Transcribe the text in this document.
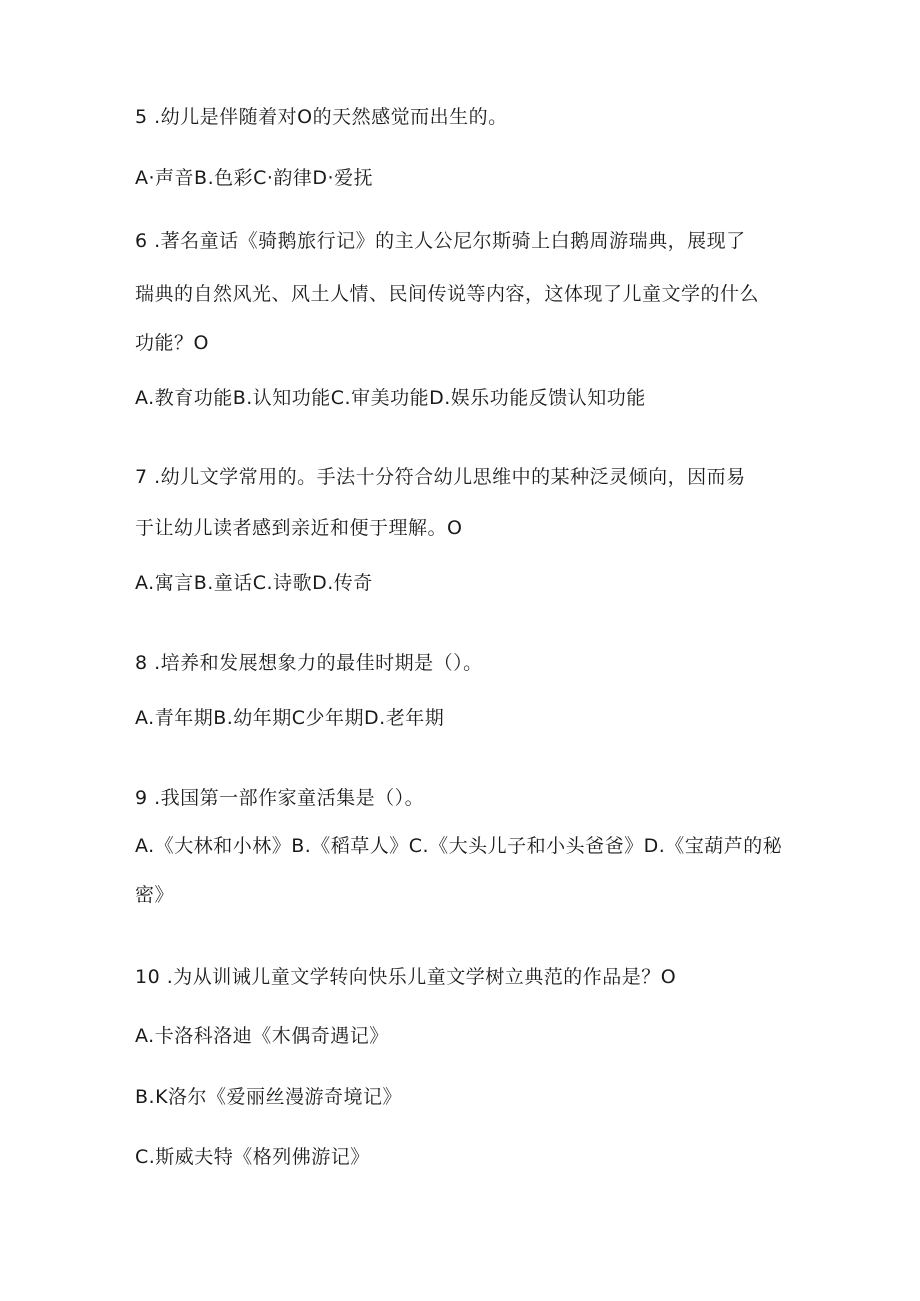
5 .幼儿是伴随着对O的天然感觉而出生的。
A·声音B.色彩C·韵律D·爱抚
6 .著名童话《骑鹅旅行记》的主人公尼尔斯骑上白鹅周游瑞典，展现了
瑞典的自然风光、风土人情、民间传说等内容，这体现了儿童文学的什么
功能？O
A.教育功能B.认知功能C.审美功能D.娱乐功能反馈认知功能
7 .幼儿文学常用的。手法十分符合幼儿思维中的某种泛灵倾向，因而易
于让幼儿读者感到亲近和便于理解。O
A.寓言B.童话C.诗歌D.传奇
8 .培养和发展想象力的最佳时期是（）。
A.青年期B.幼年期C少年期D.老年期
9 .我国第一部作家童活集是（）。
A.《大林和小林》B.《稻草人》C.《大头儿子和小头爸爸》D.《宝葫芦的秘
密》
10 .为从训诫儿童文学转向快乐儿童文学树立典范的作品是？O
A.卡洛科洛迪《木偶奇遇记》
B.K洛尔《爱丽丝漫游奇境记》
C.斯威夫特《格列佛游记》
